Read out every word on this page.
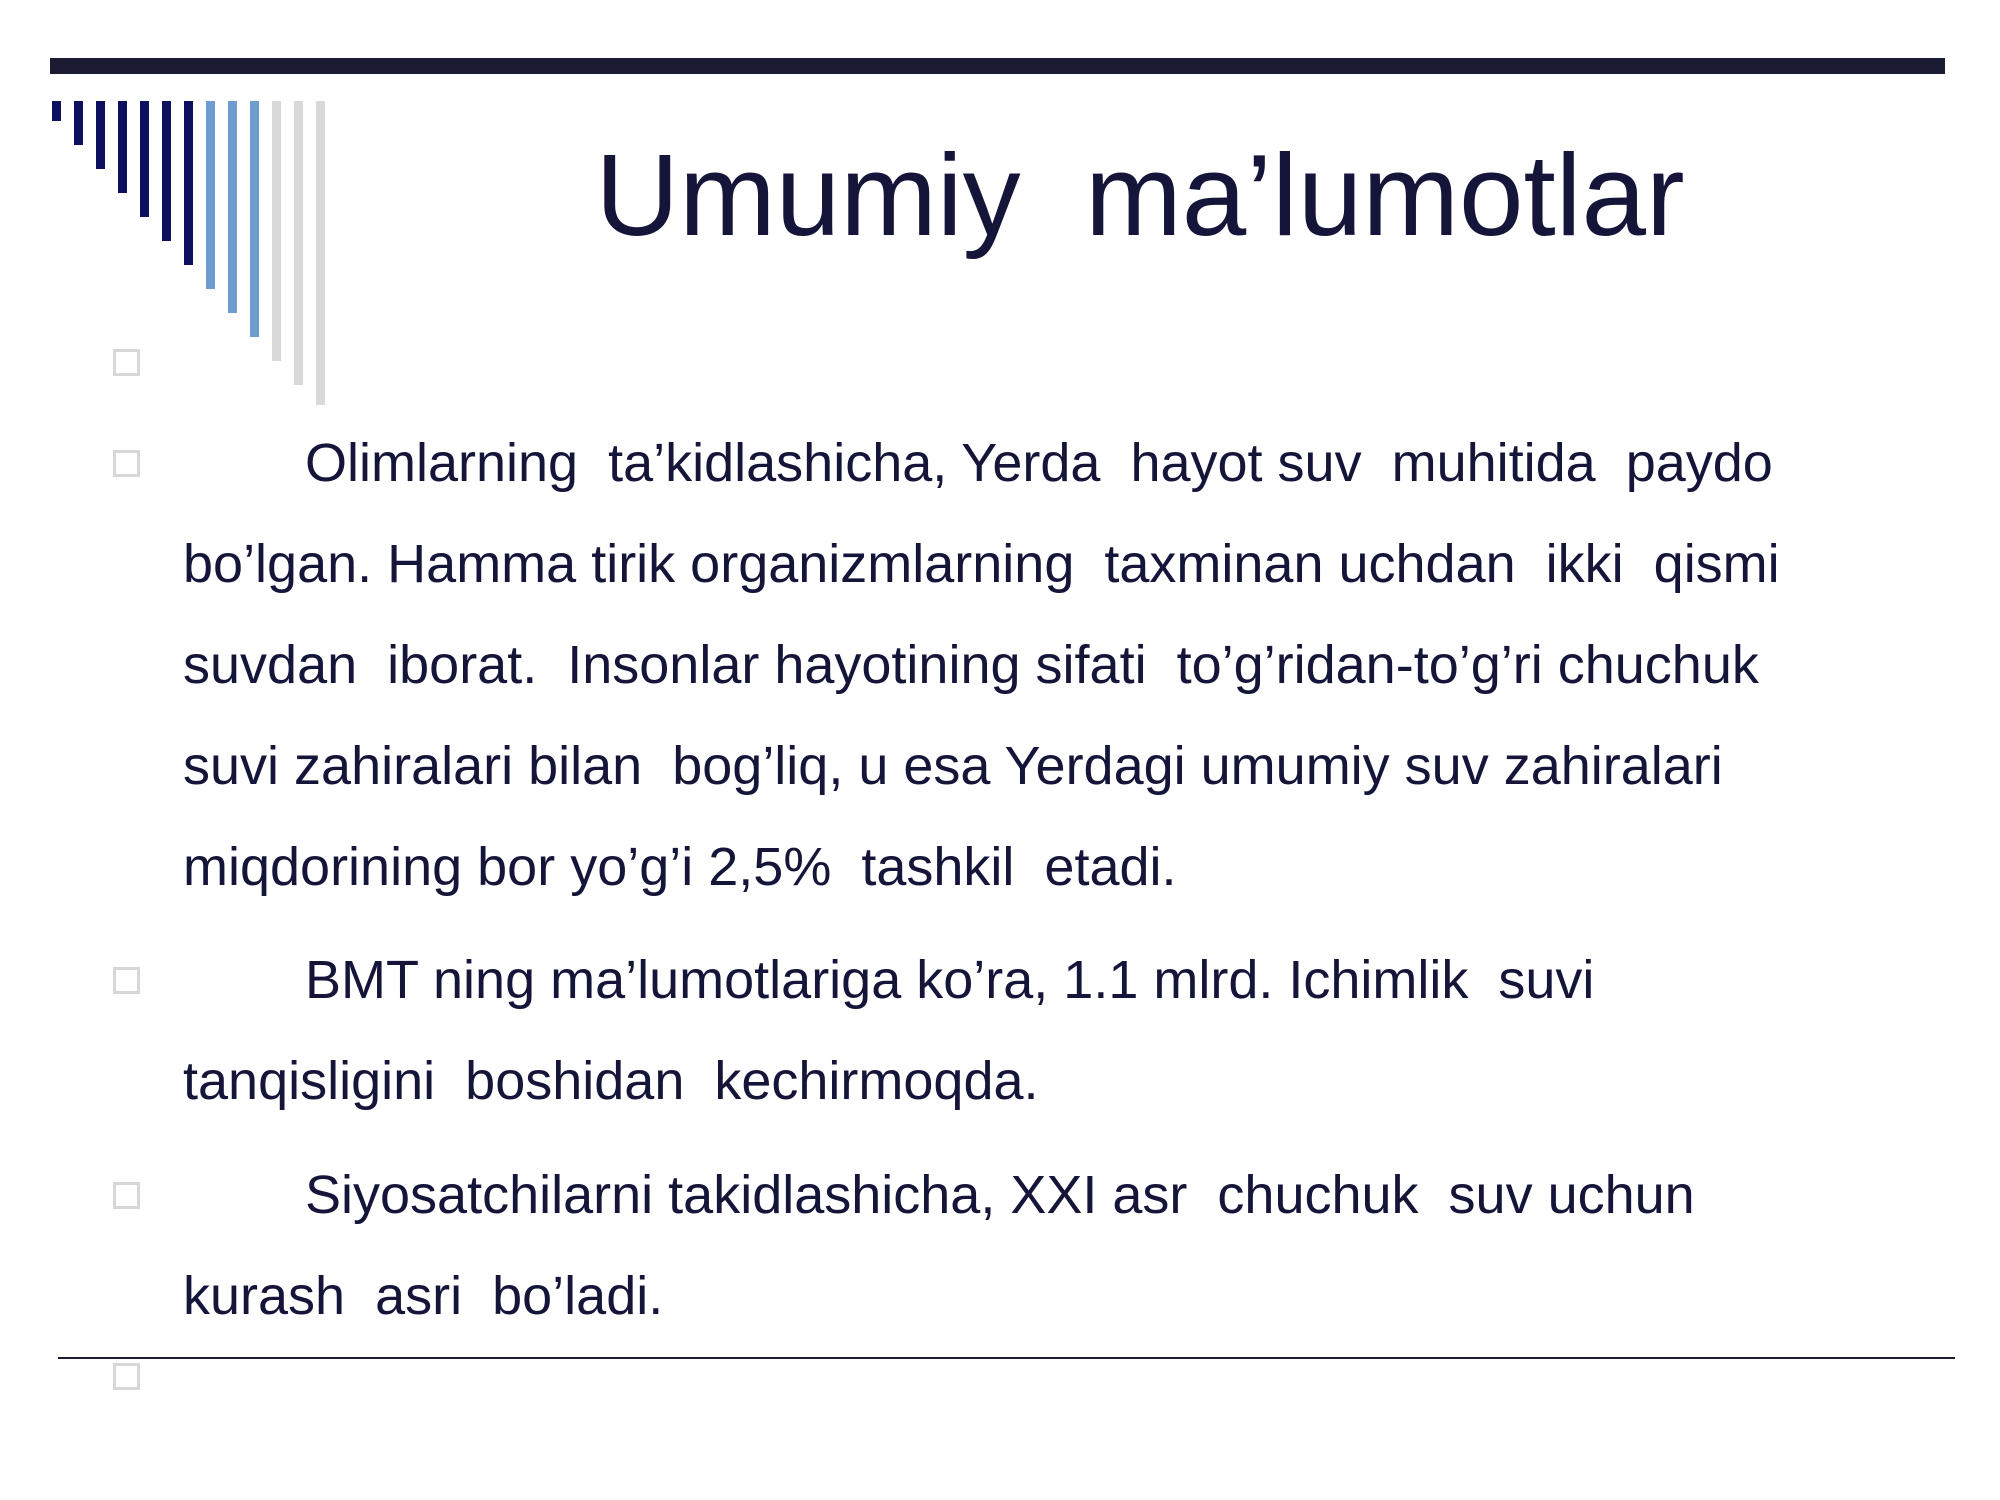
Umumiy  ma’lumotlar
Olimlarning  ta’kidlashicha, Yerda  hayot suv  muhitida  paydo
bo’lgan. Hamma tirik organizmlarning  taxminan uchdan  ikki  qismi
suvdan  iborat.  Insonlar hayotining sifati  to’g’ridan-to’g’ri chuchuk
suvi zahiralari bilan  bog’liq, u esa Yerdagi umumiy suv zahiralari
miqdorining bor yo’g’i 2,5%  tashkil  etadi.
BMT ning ma’lumotlariga ko’ra, 1.1 mlrd. Ichimlik  suvi
tanqisligini  boshidan  kechirmoqda.
Siyosatchilarni takidlashicha, XXI asr  chuchuk  suv uchun
kurash  asri  bo’ladi.
